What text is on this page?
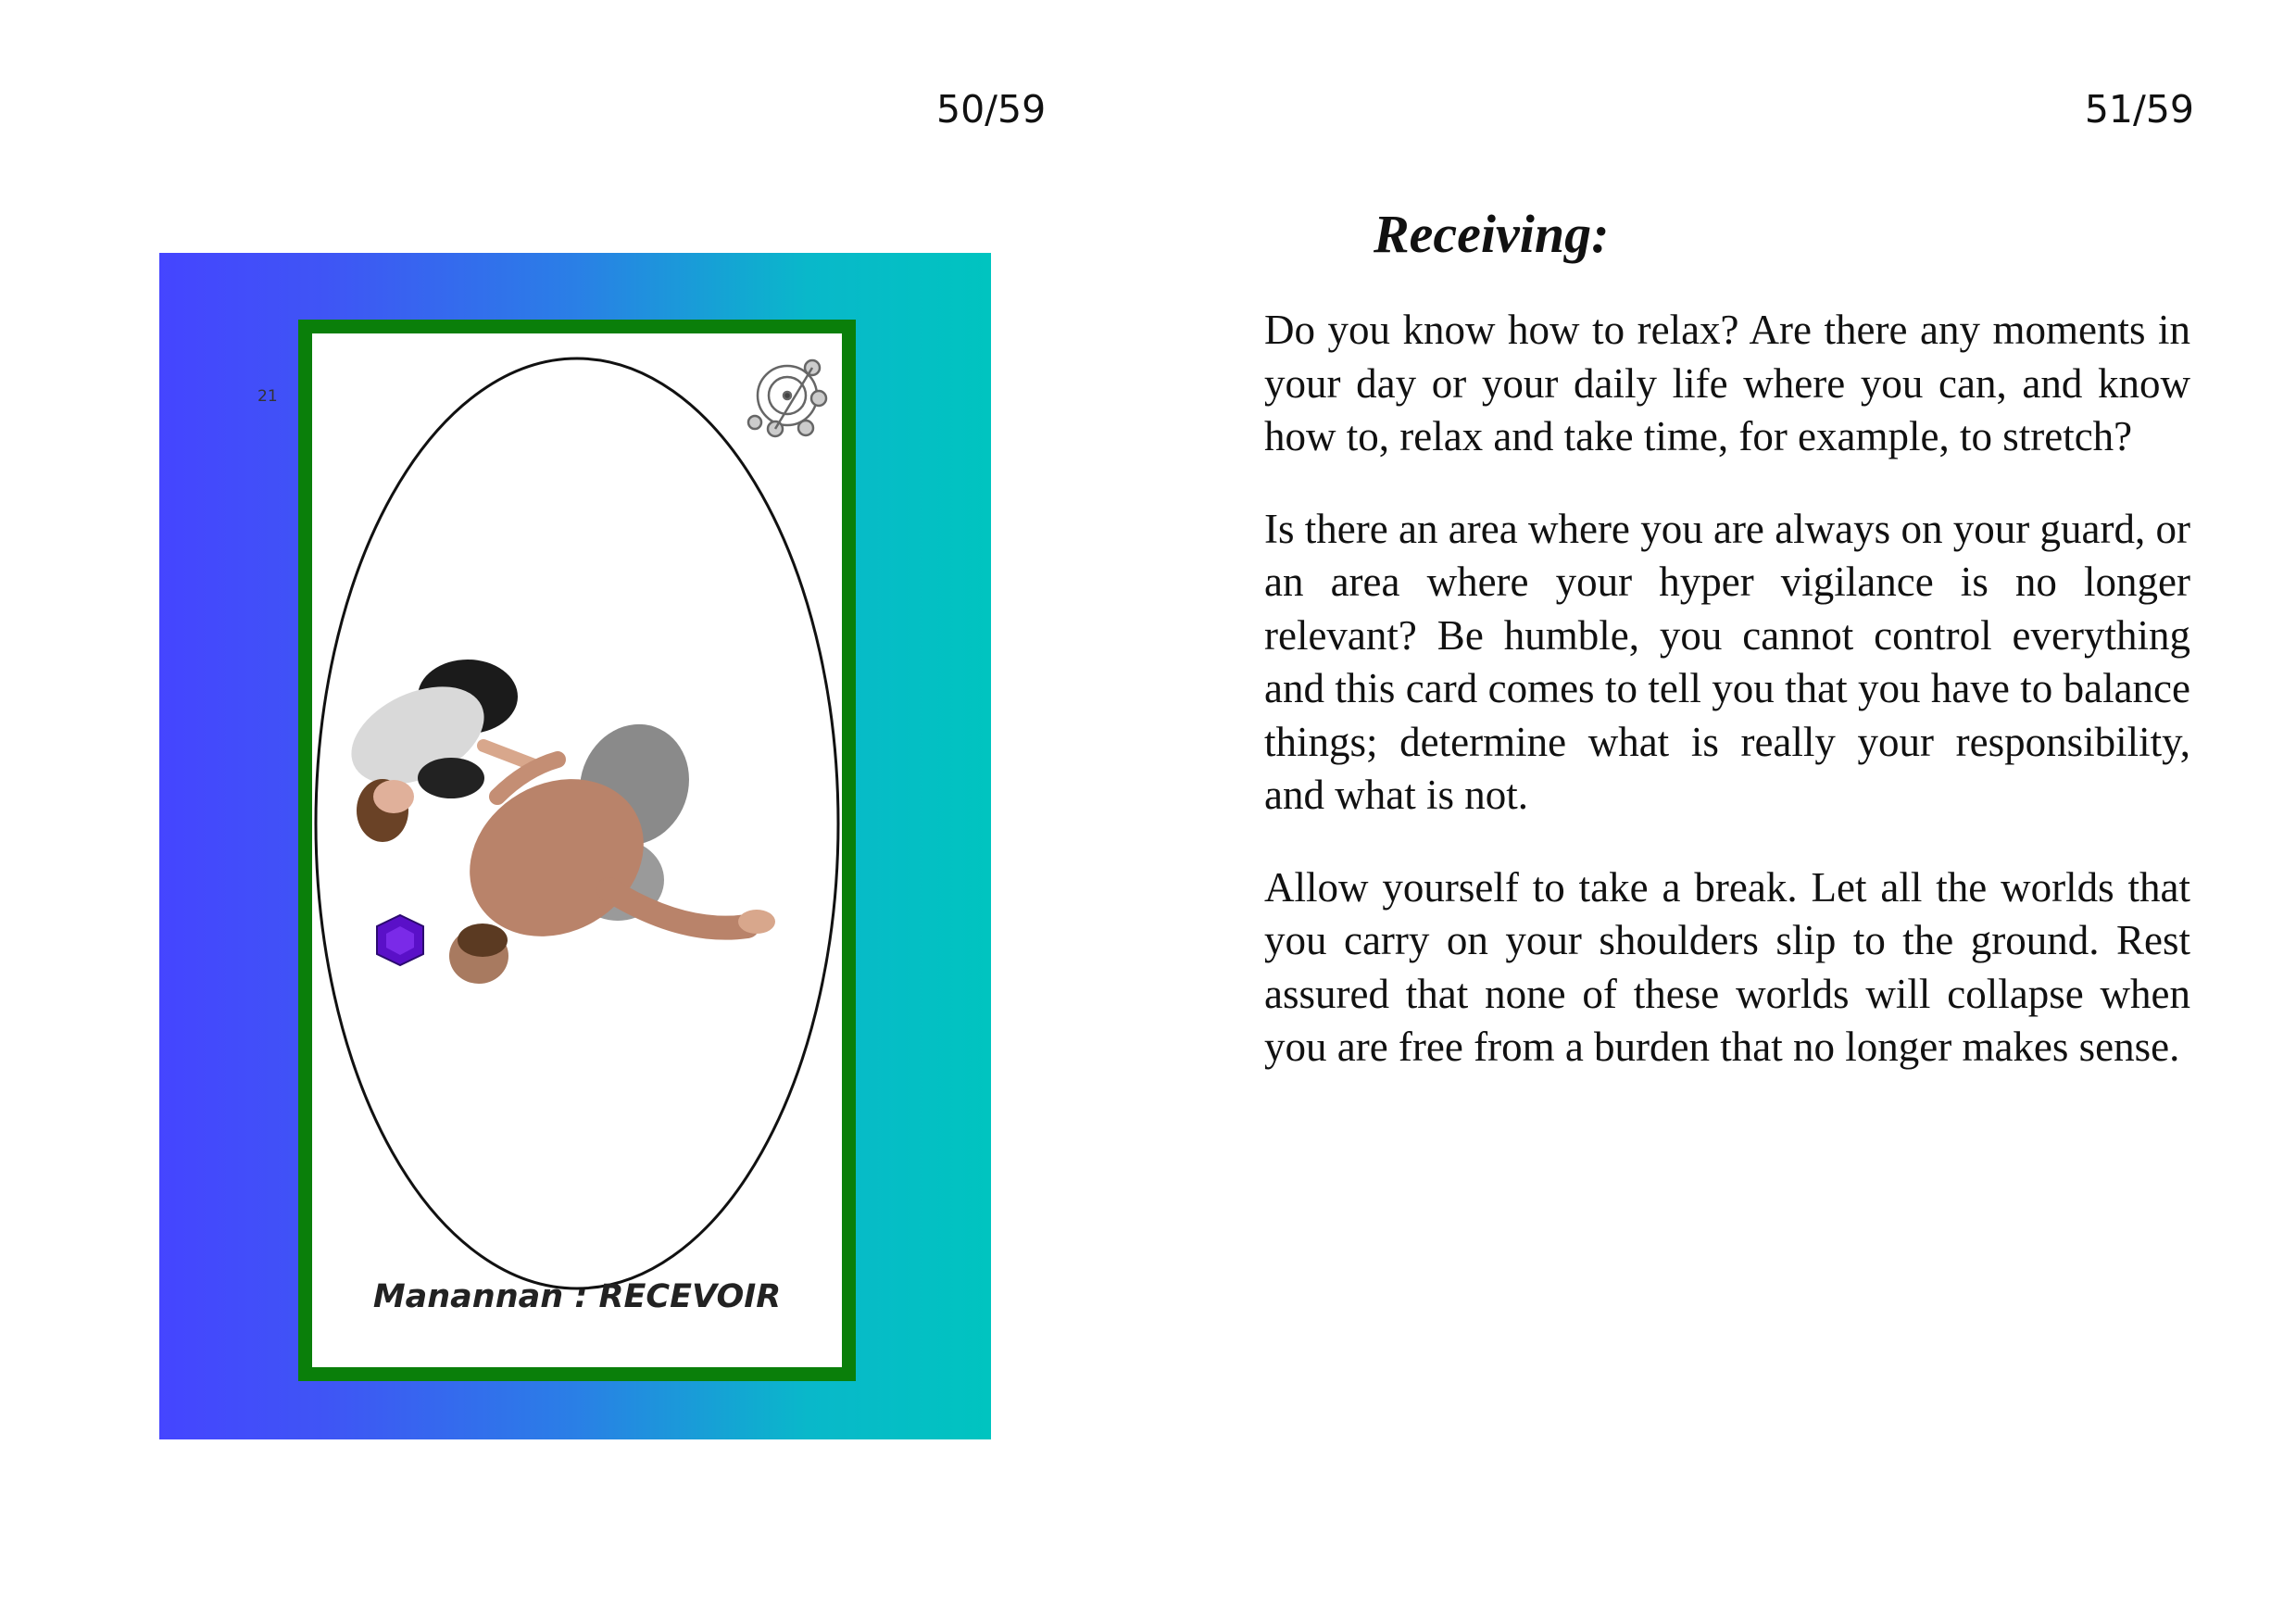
50/59	51/59
21
Manannan : RECEVOIR
Receiving:

Do you know how to relax? Are there any moments in your day or your daily life where you can, and know how to, relax and take time, for example, to stretch?

Is there an area where you are always on your guard, or an area where your hyper vigilance is no longer relevant? Be humble, you cannot control everything and this card comes to tell you that you have to balance things; determine what is really your responsibility, and what is not.

Allow yourself to take a break. Let all the worlds that you carry on your shoulders slip to the ground. Rest assured that none of these worlds will collapse when you are free from a burden that no longer makes sense.
